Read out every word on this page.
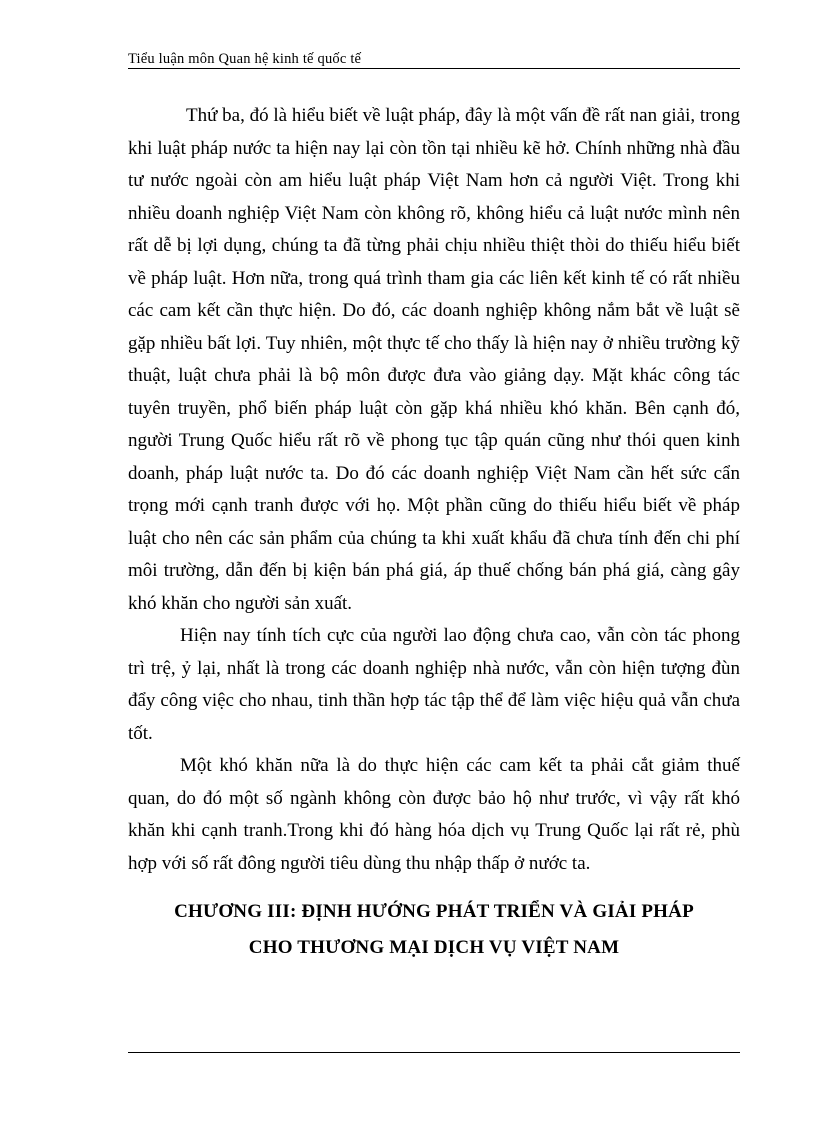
Tiểu luận môn Quan hệ kinh tế quốc tế

Thứ ba, đó là hiểu biết về luật pháp, đây là một vấn đề rất nan giải, trong khi luật pháp nước ta hiện nay lại còn tồn tại nhiều kẽ hở. Chính những nhà đầu tư nước ngoài còn am hiểu luật pháp Việt Nam hơn cả người Việt. Trong khi nhiều doanh nghiệp Việt Nam còn không rõ, không hiểu cả luật nước mình nên rất dễ bị lợi dụng, chúng ta đã từng phải chịu nhiều thiệt thòi do thiếu hiểu biết về pháp luật. Hơn nữa, trong quá trình tham gia các liên kết kinh tế có rất nhiều các cam kết cần thực hiện. Do đó, các doanh nghiệp không nắm bắt về luật sẽ gặp nhiều bất lợi. Tuy nhiên, một thực tế cho thấy là hiện nay ở nhiều trường kỹ thuật, luật chưa phải là bộ môn được đưa vào giảng dạy. Mặt khác công tác tuyên truyền, phổ biến pháp luật còn gặp khá nhiều khó khăn. Bên cạnh đó, người Trung Quốc hiểu rất rõ về phong tục tập quán cũng như thói quen kinh doanh, pháp luật nước ta. Do đó các doanh nghiệp Việt Nam cần hết sức cẩn trọng mới cạnh tranh được với họ. Một phần cũng do thiếu hiểu biết về pháp luật cho nên các sản phẩm của chúng ta khi xuất khẩu đã chưa tính đến chi phí môi trường, dẫn đến bị kiện bán phá giá, áp thuế chống bán phá giá, càng gây khó khăn cho người sản xuất.

Hiện nay tính tích cực của người lao động chưa cao, vẫn còn tác phong trì trệ, ỷ lại, nhất là trong các doanh nghiệp nhà nước, vẫn còn hiện tượng đùn đẩy công việc cho nhau, tinh thần hợp tác tập thể để làm việc hiệu quả vẫn chưa tốt.

Một khó khăn nữa là do thực hiện các cam kết ta phải cắt giảm thuế quan, do đó một số ngành không còn được bảo hộ như trước, vì vậy rất khó khăn khi cạnh tranh.Trong khi đó hàng hóa dịch vụ Trung Quốc lại rất rẻ, phù hợp với số rất đông người tiêu dùng thu nhập thấp ở nước ta.

CHƯƠNG III: ĐỊNH HƯỚNG PHÁT TRIỂN VÀ GIẢI PHÁP
CHO THƯƠNG MẠI DỊCH VỤ VIỆT NAM
